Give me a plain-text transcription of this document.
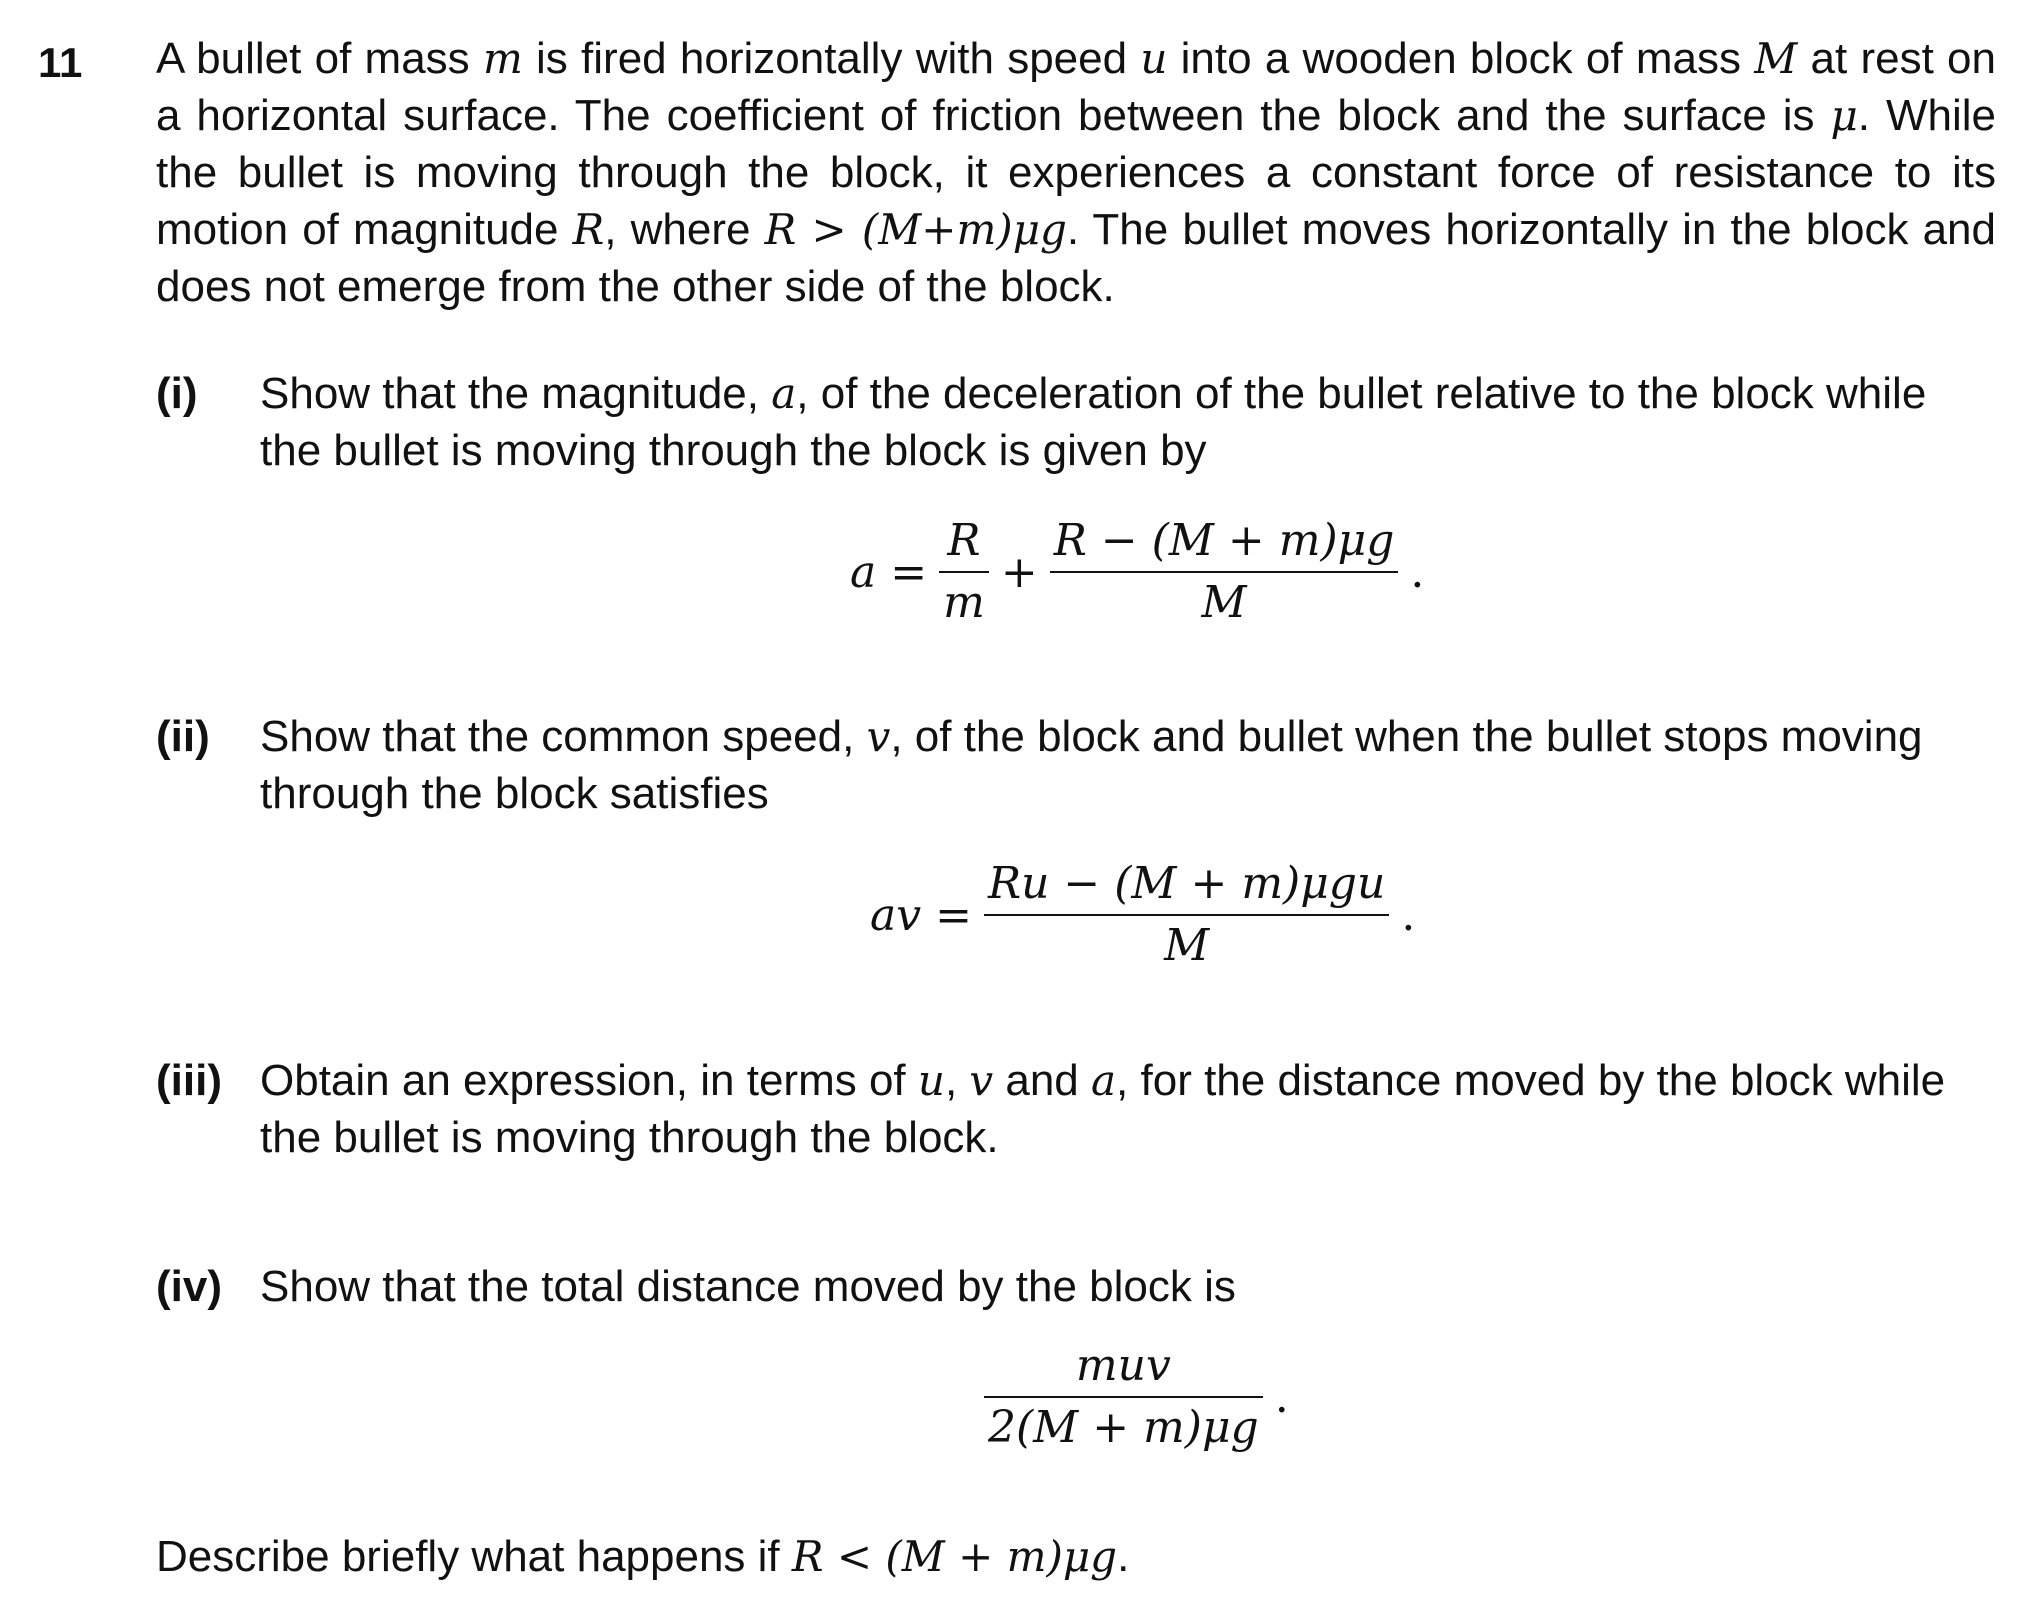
11 A bullet of mass m is fired horizontally with speed u into a wooden block of mass M at rest on a horizontal surface. The coefficient of friction between the block and the surface is μ. While the bullet is moving through the block, it experiences a constant force of resistance to its motion of magnitude R, where R > (M+m)μg. The bullet moves horizontally in the block and does not emerge from the other side of the block.
(i) Show that the magnitude, a, of the deceleration of the bullet relative to the block while the bullet is moving through the block is given by
$a = \frac{R}{m} + \frac{R - (M + m)\mu g}{M}$ .
(ii) Show that the common speed, v, of the block and bullet when the bullet stops moving through the block satisfies
av = $\frac{\text{Ru − (M + m)μgu}}{M}$ .
(iii) Obtain an expression, in terms of u, v and a, for the distance moved by the block while the bullet is moving through the block.
(iv) Show that the total distance moved by the block is
$\frac{\text{muv}}{2(M + m)\mu g}$ .
Describe briefly what happens if R < (M + m)μg.
